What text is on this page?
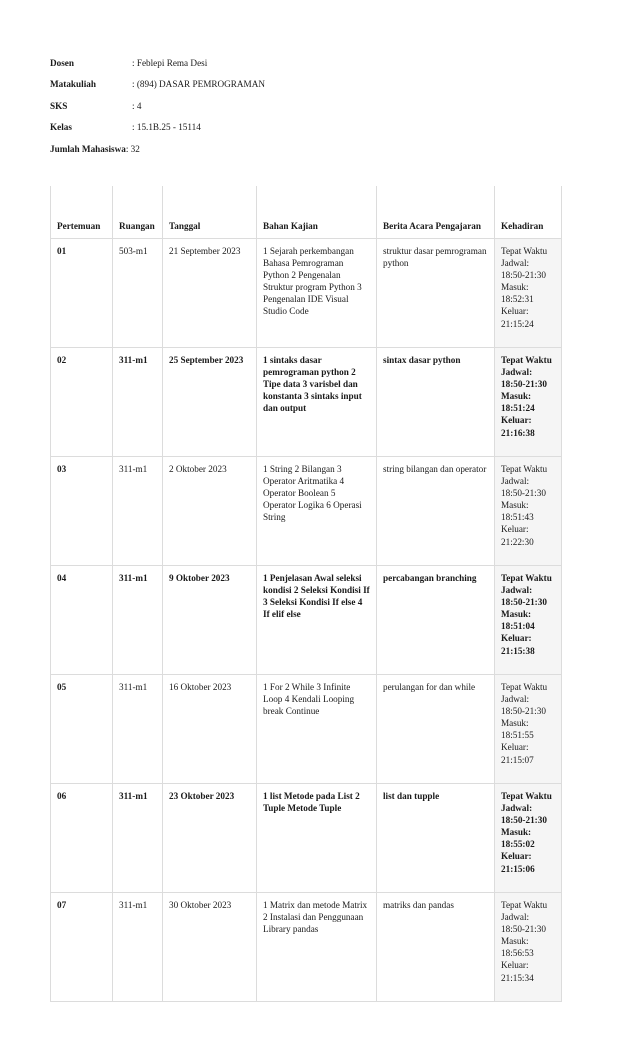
Dosen	: Feblepi Rema Desi
Matakuliah	: (894) DASAR PEMROGRAMAN
SKS	: 4
Kelas	: 15.1B.25 - 15114
Jumlah Mahasiswa: 32
Pertemuan	Ruangan	Tanggal	Bahan Kajian	Berita Acara Pengajaran	Kehadiran
01	503-m1	21 September 2023	1 Sejarah perkembangan Bahasa Pemrograman Python 2 Pengenalan Struktur program Python 3 Pengenalan IDE Visual Studio Code	struktur dasar pemrograman python	Tepat Waktu Jadwal: 18:50-21:30 Masuk: 18:52:31 Keluar: 21:15:24
02	311-m1	25 September 2023	1 sintaks dasar pemrograman python 2 Tipe data 3 varisbel dan konstanta 3 sintaks input dan output	sintax dasar python	Tepat Waktu Jadwal: 18:50-21:30 Masuk: 18:51:24 Keluar: 21:16:38
03	311-m1	2 Oktober 2023	1 String 2 Bilangan 3 Operator Aritmatika 4 Operator Boolean 5 Operator Logika 6 Operasi String	string bilangan dan operator	Tepat Waktu Jadwal: 18:50-21:30 Masuk: 18:51:43 Keluar: 21:22:30
04	311-m1	9 Oktober 2023	1 Penjelasan Awal seleksi kondisi 2 Seleksi Kondisi If 3 Seleksi Kondisi If else 4 If elif else	percabangan branching	Tepat Waktu Jadwal: 18:50-21:30 Masuk: 18:51:04 Keluar: 21:15:38
05	311-m1	16 Oktober 2023	1 For 2 While 3 Infinite Loop 4 Kendali Looping break Continue	perulangan for dan while	Tepat Waktu Jadwal: 18:50-21:30 Masuk: 18:51:55 Keluar: 21:15:07
06	311-m1	23 Oktober 2023	1 list Metode pada List 2 Tuple Metode Tuple	list dan tupple	Tepat Waktu Jadwal: 18:50-21:30 Masuk: 18:55:02 Keluar: 21:15:06
07	311-m1	30 Oktober 2023	1 Matrix dan metode Matrix 2 Instalasi dan Penggunaan Library pandas	matriks dan pandas	Tepat Waktu Jadwal: 18:50-21:30 Masuk: 18:56:53 Keluar: 21:15:34
